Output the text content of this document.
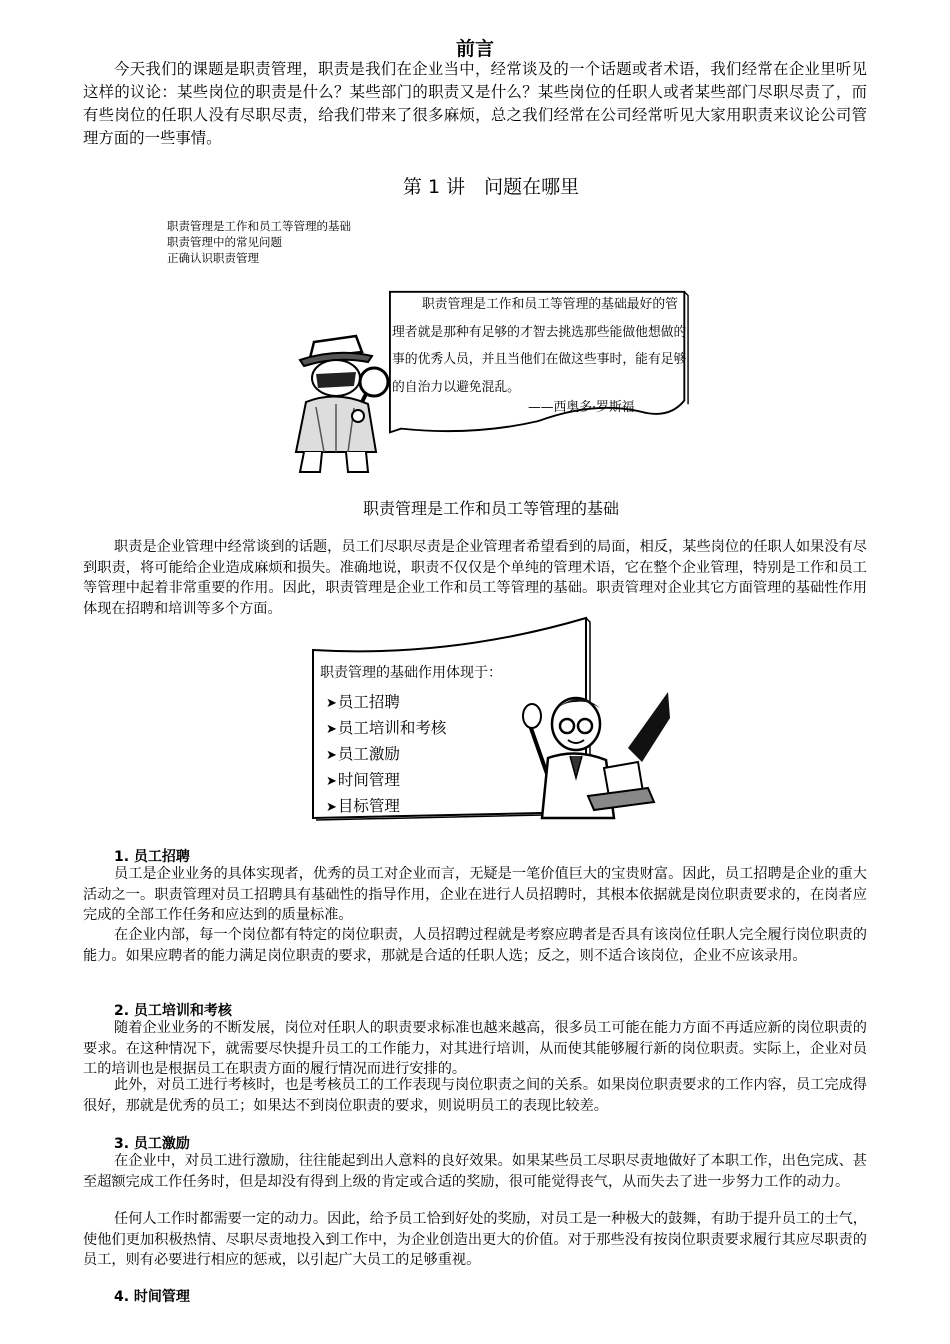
前言

今天我们的课题是职责管理，职责是我们在企业当中，经常谈及的一个话题或者术语，我们经常在企业里听见这样的议论：某些岗位的职责是什么？某些部门的职责又是什么？某些岗位的任职人或者某些部门尽职尽责了，而有些岗位的任职人没有尽职尽责，给我们带来了很多麻烦，总之我们经常在公司经常听见大家用职责来议论公司管理方面的一些事情。

第 1 讲　问题在哪里
职责管理是工作和员工等管理的基础
职责管理中的常见问题
正确认识职责管理

职责管理是工作和员工等管理的基础最好的管理者就是那种有足够的才智去挑选那些能做他想做的事的优秀人员，并且当他们在做这些事时，能有足够的自治力以避免混乱。

——西奥多·罗斯福
职责管理是工作和员工等管理的基础

职责是企业管理中经常谈到的话题，员工们尽职尽责是企业管理者希望看到的局面，相反，某些岗位的任职人如果没有尽到职责，将可能给企业造成麻烦和损失。准确地说，职责不仅仅是个单纯的管理术语，它在整个企业管理，特别是工作和员工等管理中起着非常重要的作用。因此，职责管理是企业工作和员工等管理的基础。职责管理对企业其它方面管理的基础性作用体现在招聘和培训等多个方面。

职责管理的基础作用体现于：
➤员工招聘
➤员工培训和考核
➤员工激励
➤时间管理
➤目标管理
1. 员工招聘

员工是企业业务的具体实现者，优秀的员工对企业而言，无疑是一笔价值巨大的宝贵财富。因此，员工招聘是企业的重大活动之一。职责管理对员工招聘具有基础性的指导作用，企业在进行人员招聘时，其根本依据就是岗位职责要求的，在岗者应完成的全部工作任务和应达到的质量标准。

在企业内部，每一个岗位都有特定的岗位职责，人员招聘过程就是考察应聘者是否具有该岗位任职人完全履行岗位职责的能力。如果应聘者的能力满足岗位职责的要求，那就是合适的任职人选；反之，则不适合该岗位，企业不应该录用。

2. 员工培训和考核

随着企业业务的不断发展，岗位对任职人的职责要求标准也越来越高，很多员工可能在能力方面不再适应新的岗位职责的要求。在这种情况下，就需要尽快提升员工的工作能力，对其进行培训，从而使其能够履行新的岗位职责。实际上，企业对员工的培训也是根据员工在职责方面的履行情况而进行安排的。

此外，对员工进行考核时，也是考核员工的工作表现与岗位职责之间的关系。如果岗位职责要求的工作内容，员工完成得很好，那就是优秀的员工；如果达不到岗位职责的要求，则说明员工的表现比较差。

3. 员工激励

在企业中，对员工进行激励，往往能起到出人意料的良好效果。如果某些员工尽职尽责地做好了本职工作，出色完成、甚至超额完成工作任务时，但是却没有得到上级的肯定或合适的奖励，很可能觉得丧气，从而失去了进一步努力工作的动力。

任何人工作时都需要一定的动力。因此，给予员工恰到好处的奖励，对员工是一种极大的鼓舞，有助于提升员工的士气，使他们更加积极热情、尽职尽责地投入到工作中，为企业创造出更大的价值。对于那些没有按岗位职责要求履行其应尽职责的员工，则有必要进行相应的惩戒，以引起广大员工的足够重视。

4. 时间管理
